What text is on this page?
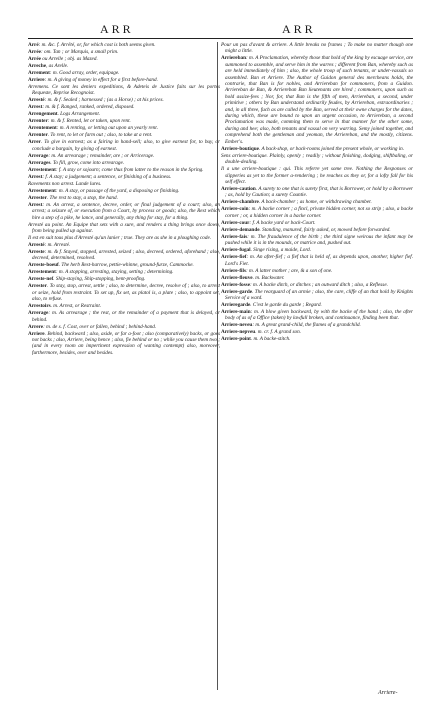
ARR	ARR

Arré: m. &c. f. Arrêté, or, for which cost is both seems given.

Arrée: om. Tan ; or Marquis, a small prim.

Arrée ou Arrelle ; obj. as Mazed.

Arreche, as Arelle.

Arrement: m. Good array, order, equipage.

Arriere: m. A giving of money in effect for a first before-hand.

Arremens. Ce sont les deniers expeditions, & Adeteis de Justice faits sur les portes Requeste, Reprise Recognoist.

Arresté: m. & f. Sealed ; harnessed ; (as a Horse) ; at his prices.

Arrest: m. & f. Ranged, ranked, ordered, disposed.

Arrengement. Logs Arrangement.

Arrenter: m. & f. Rented, let or taken, upon rent.

Arrentement: m. A renting, or letting out upon an yearly rent.

Arrenter. To rent, to let or farm out ; also, to take at a rent.

Arrer. To give in earnest; as a fairing in hand-sell; also, to give earnest for, to buy, or conclude a bargain, by giving of earnest.

Arrerage: m. An arrearage ; remainder, are ; or Arricerage.

Arrerages. To fill, grow, come into arrearage.

Arrestement: f. A stay or sojourn; come thus from latter to the reason in the Spring.

Arrest: f. A stay; a judgement; a sentence, or finishing of a business.

Ravements non arrest. Lande lures.

Arrestement: m. A stay, or passage of the yard, a disposing or finishing.

Arrester. The rest to stay, a stop, the hand.

Arrest: m. An arrest, a sentence, decree, order, or final judgement of a court; also, an arrest; a seizure of, or execution from a Court, by process or goods; also, the Rest which hire a step of a pike, he lance, and generally, any thing for stay, for a thing.

Arresté au point. An Equipe that sets with a sure, and renders a thing brings once down, from being pulled up against.

Il est en suit tous plus d'Arresté qu'un lanier ; true. They are as she in a ploughing code.

Arresté: m. Arresté.

Arreste: m. & f. Stayed, stopped, arrested, seized ; also, decreed, ordered, aforehand ; also, decreed, determined, resolved.

Arreste-boeuf. The herb Rest-harrow, pettie-whinne, ground-furze, Cammocke.

Arrestement: m. A stopping, arresting, staying, setting ; determining.

Arreste-nef. Ship-staying, Ship-stopping, bent-proofing.

Arrester. To stay, stop, arrest, settle ; also, to determine, decree, resolve of ; also, to arrest or seize, hold from restraint. To set up, fix set, as platol is, a plate ; also, to appoint set, also, to refuse.

Arrestoirs. m. Arrest, or Restraint.

Arrerage: m. As arrearage ; the rest, or the remainder of a payment that is delayed, or behind.

Arrere: m. de s. f. Cost, over or fallen, behind ; behind-hand.

Arriere. Behind, backward ; also, aside, or far a-foot ; also (comparatively) backs, or goes not backs ; also, Arriere, being hence ; also, fie behind or no ; while you cause them two ; (and in every room an impertinent expression of wanting contempt) also, moreover, furthermore, besides, over and besides.

Pour un pas d'avant & arriere. A little breaks no frames ; To make no matter though one might a little.

Arriereban: m. A Proclamation, whereby those that hold of the king by escuage service, are summoned to assemble, and serve him in the warres ; different from Ban, whereby such as are held immediately of him ; also, the whole troop of such tenants, or under-vassals so assembled. Ban et Arriere. The Author of Guidon general des mercheans holds, the contrarie, that Ban is for nobles, and Arriereban for commoners, from a Guidon. Arriereban de Ban, & Arriereban Ban lieutenants are hired ; commoners, upon such as hold assize-fees ; Nor, for, that Ban is the fifth of men, Arriereban, a second, under primitive ; others by Ban understand ordinarily feudes, by Arriereban, extraordinaries ; and, in all three, fuch as are called by the Ban, served at their owne charges for the dates, during which, these are bound to upon an urgent occasion, to Arriereban, a second Proclamation was made, comming them to serve in that manner for the other some, during and hee; also, both tenants and vassal on very warring. Semy joined together, and comprehend both the gentleman and yeoman, the Arriereban, and the mostly, citizens. Ember's.

Arriere-boutique. A back-shop, or back-rooms joined the present whole, or working in.

Sens arriere-boutique. Plainly, openly ; readily ; without finishing, dodging, shiftbaling, or double-dealing.

Il a une arriere-boutique : qui. This referre yet some tree. Nothing the Responses or slipperies as yet to the former a-rendering ; he reaches as they or, for a lofty fall for his self effect.

Arriere-caution. A surety to one that is surety first, that is Borrower, or hold by a Borrower ; as, hold by Caution; a surety Countie.

Arriere-chambre. A back-chamber ; as home, or withdrawing chamber.

Arriere-coin: m. A backe corner ; a fincl, private hidden corner, not so strip ; also, a backe corner ; or, a hidden corner in a backe corner.

Arriere-cour: f. A backe yard or back-Court.

Arriere-demande. Standing, manured, fairly asked, or, mowed before forwarded.

Arriere-fais: m. The fraudulence of the birth ; the third signe weirous the infant may be pushed while it is in the mounds, or matrice and, pushed out.

Arriere-fugal. Singe rising, a maide, Lord.

Arriere-fief: m. An after-fief ; a fief that is held of, as depends upon, another, higher fief. Lord's Fiet.

Arriere-fils: m. A latter mother ; are, & a son of one.

Arriere-fleuve. m. Backwater.

Arriere-fosse: m. A backe ditch, or ditches ; an outward ditch ; also, a Reflesse.

Arriere-garde. The rearguard of an armie ; also, the care, cliffe of an that hold by Knights Service of a ward.

Arrieregarde. C'est le garde du garde ; Regard.

Arriere-main: m. A blow given backward, by with the backe of the hand ; also, the after body of as of a Office (taken) by lawfull broken, and continuance, finding been that.

Arriere-neveu: m. A great grand-child, the flames of a grandchild.

Arriere-nepveu. m. cr. f. A grand son.

Arriere-point. m. A backe-stitch.

Arriere-
